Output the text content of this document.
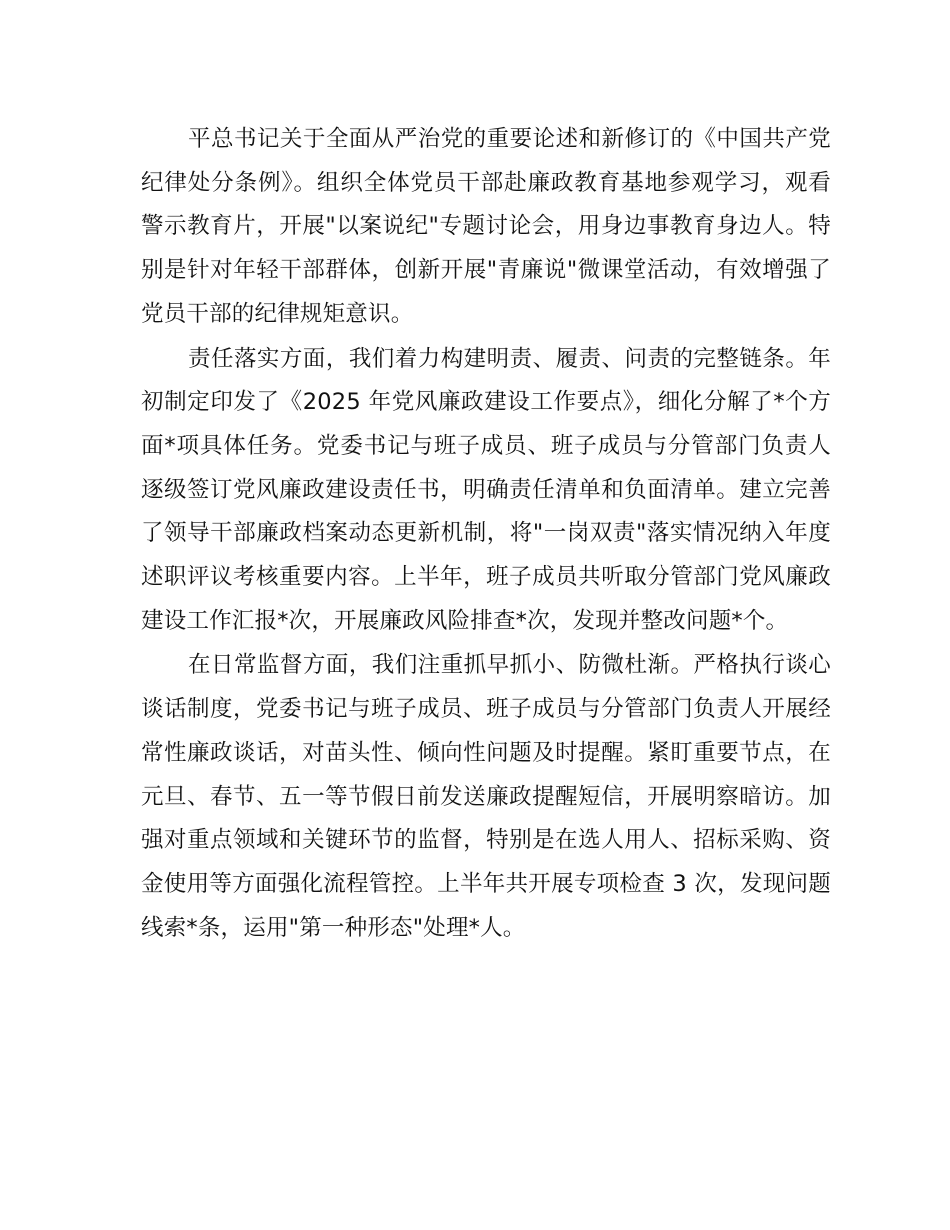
平总书记关于全面从严治党的重要论述和新修订的《中国共产党纪律处分条例》。组织全体党员干部赴廉政教育基地参观学习，观看警示教育片，开展"以案说纪"专题讨论会，用身边事教育身边人。特别是针对年轻干部群体，创新开展"青廉说"微课堂活动，有效增强了党员干部的纪律规矩意识。

责任落实方面，我们着力构建明责、履责、问责的完整链条。年初制定印发了《2025 年党风廉政建设工作要点》，细化分解了*个方面*项具体任务。党委书记与班子成员、班子成员与分管部门负责人逐级签订党风廉政建设责任书，明确责任清单和负面清单。建立完善了领导干部廉政档案动态更新机制，将"一岗双责"落实情况纳入年度述职评议考核重要内容。上半年，班子成员共听取分管部门党风廉政建设工作汇报*次，开展廉政风险排查*次，发现并整改问题*个。

在日常监督方面，我们注重抓早抓小、防微杜渐。严格执行谈心谈话制度，党委书记与班子成员、班子成员与分管部门负责人开展经常性廉政谈话，对苗头性、倾向性问题及时提醒。紧盯重要节点，在元旦、春节、五一等节假日前发送廉政提醒短信，开展明察暗访。加强对重点领域和关键环节的监督，特别是在选人用人、招标采购、资金使用等方面强化流程管控。上半年共开展专项检查 3 次，发现问题线索*条，运用"第一种形态"处理*人。
